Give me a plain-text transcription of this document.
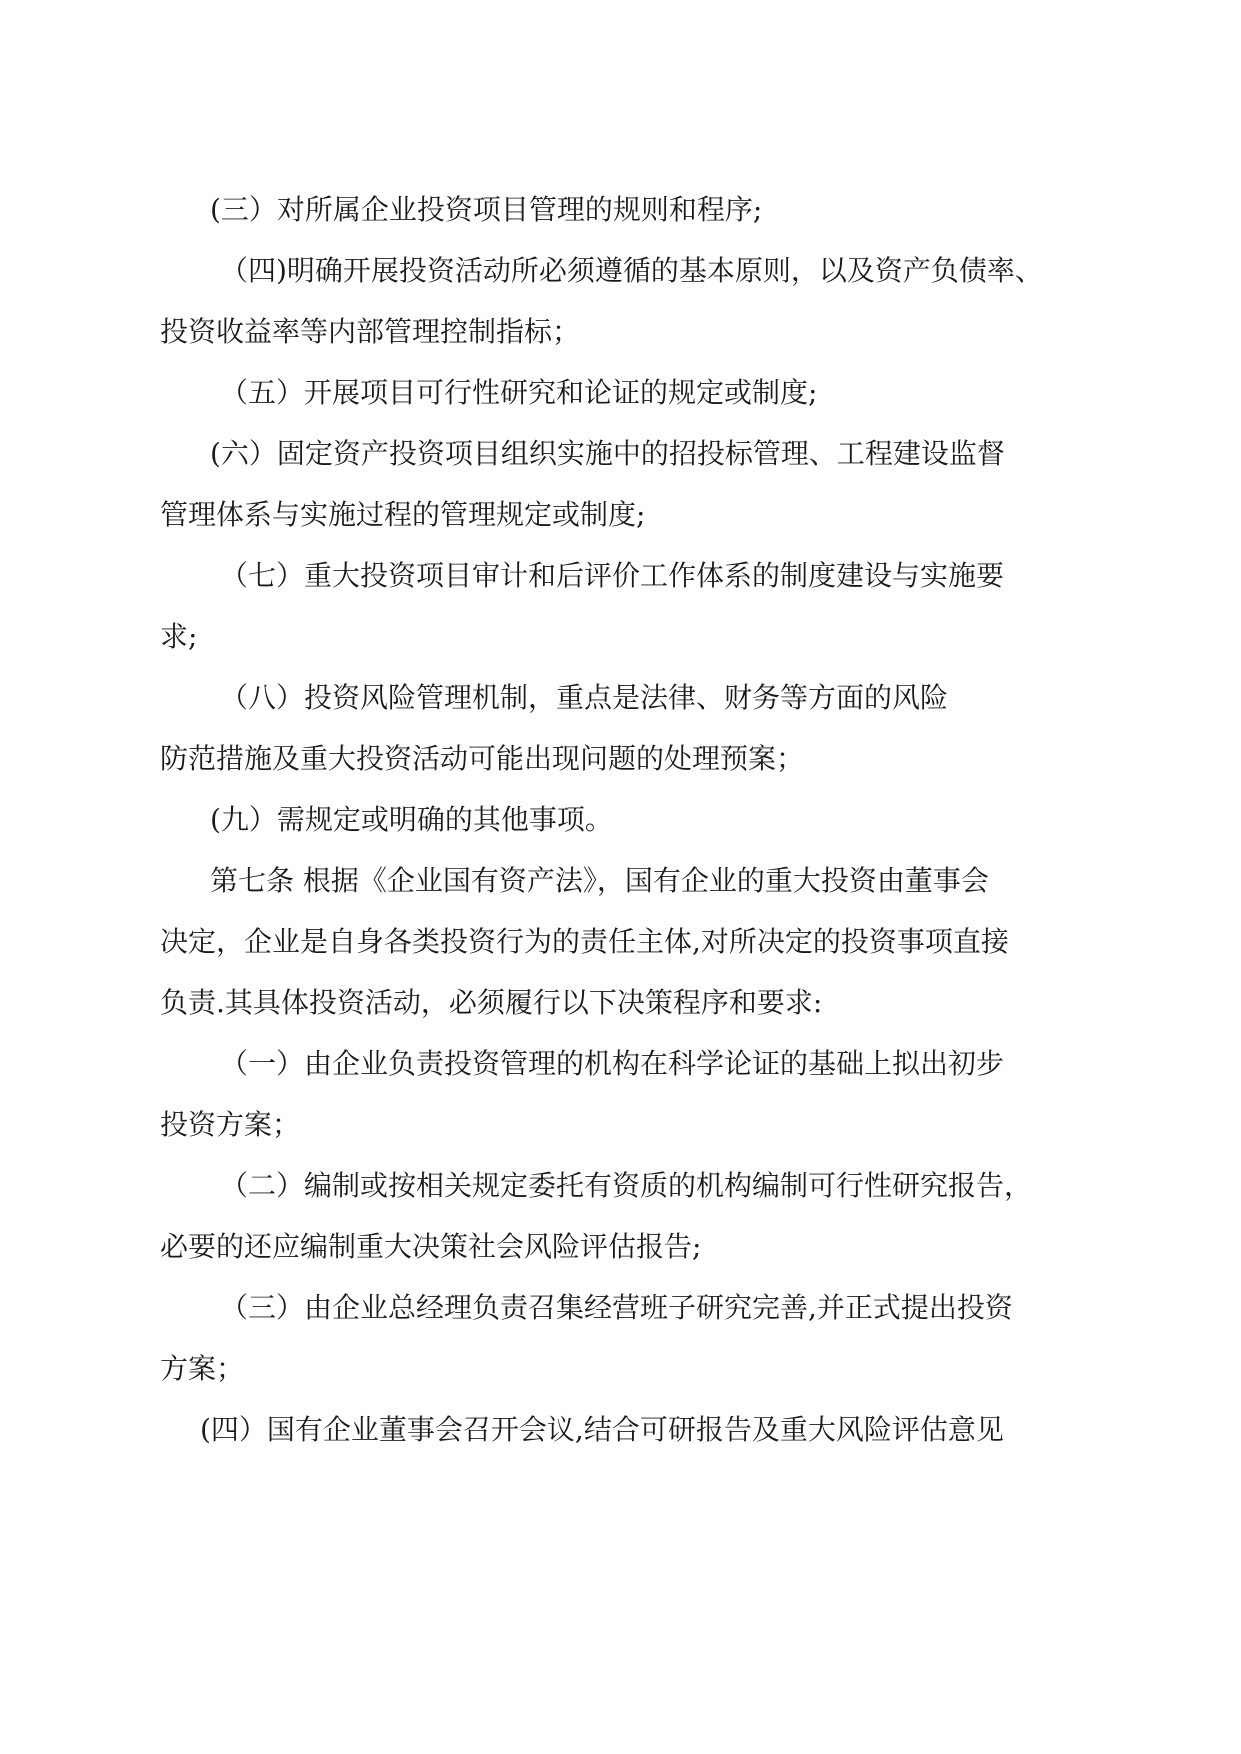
(三）对所属企业投资项目管理的规则和程序;
（四)明确开展投资活动所必须遵循的基本原则，以及资产负债率、
投资收益率等内部管理控制指标；
（五）开展项目可行性研究和论证的规定或制度;
(六）固定资产投资项目组织实施中的招投标管理、工程建设监督
管理体系与实施过程的管理规定或制度;
（七）重大投资项目审计和后评价工作体系的制度建设与实施要
求;
（八）投资风险管理机制，重点是法律、财务等方面的风险
防范措施及重大投资活动可能出现问题的处理预案；
(九）需规定或明确的其他事项。
第七条 根据《企业国有资产法》，国有企业的重大投资由董事会
决定，企业是自身各类投资行为的责任主体,对所决定的投资事项直接
负责.其具体投资活动，必须履行以下决策程序和要求:
（一）由企业负责投资管理的机构在科学论证的基础上拟出初步
投资方案；
（二）编制或按相关规定委托有资质的机构编制可行性研究报告，
必要的还应编制重大决策社会风险评估报告;
（三）由企业总经理负责召集经营班子研究完善,并正式提出投资
方案；
(四）国有企业董事会召开会议,结合可研报告及重大风险评估意见
